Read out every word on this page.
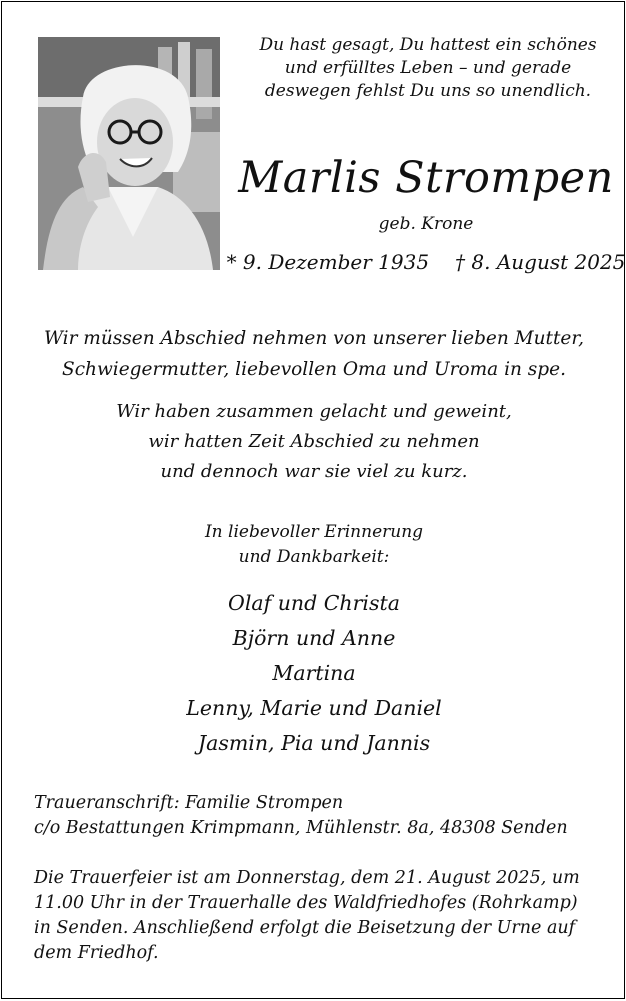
Du hast gesagt, Du hattest ein schönes
und erfülltes Leben – und gerade
deswegen fehlst Du uns so unendlich.
Marlis Strompen
geb. Krone
* 9. Dezember 1935 † 8. August 2025
Wir müssen Abschied nehmen von unserer lieben Mutter,
Schwiegermutter, liebevollen Oma und Uroma in spe.
Wir haben zusammen gelacht und geweint,
wir hatten Zeit Abschied zu nehmen
und dennoch war sie viel zu kurz.
In liebevoller Erinnerung
und Dankbarkeit:
Olaf und Christa
Björn und Anne
Martina
Lenny, Marie und Daniel
Jasmin, Pia und Jannis
Traueranschrift: Familie Strompen
c/o Bestattungen Krimpmann, Mühlenstr. 8a, 48308 Senden
Die Trauerfeier ist am Donnerstag, dem 21. August 2025, um
11.00 Uhr in der Trauerhalle des Waldfriedhofes (Rohrkamp)
in Senden. Anschließend erfolgt die Beisetzung der Urne auf
dem Friedhof.
